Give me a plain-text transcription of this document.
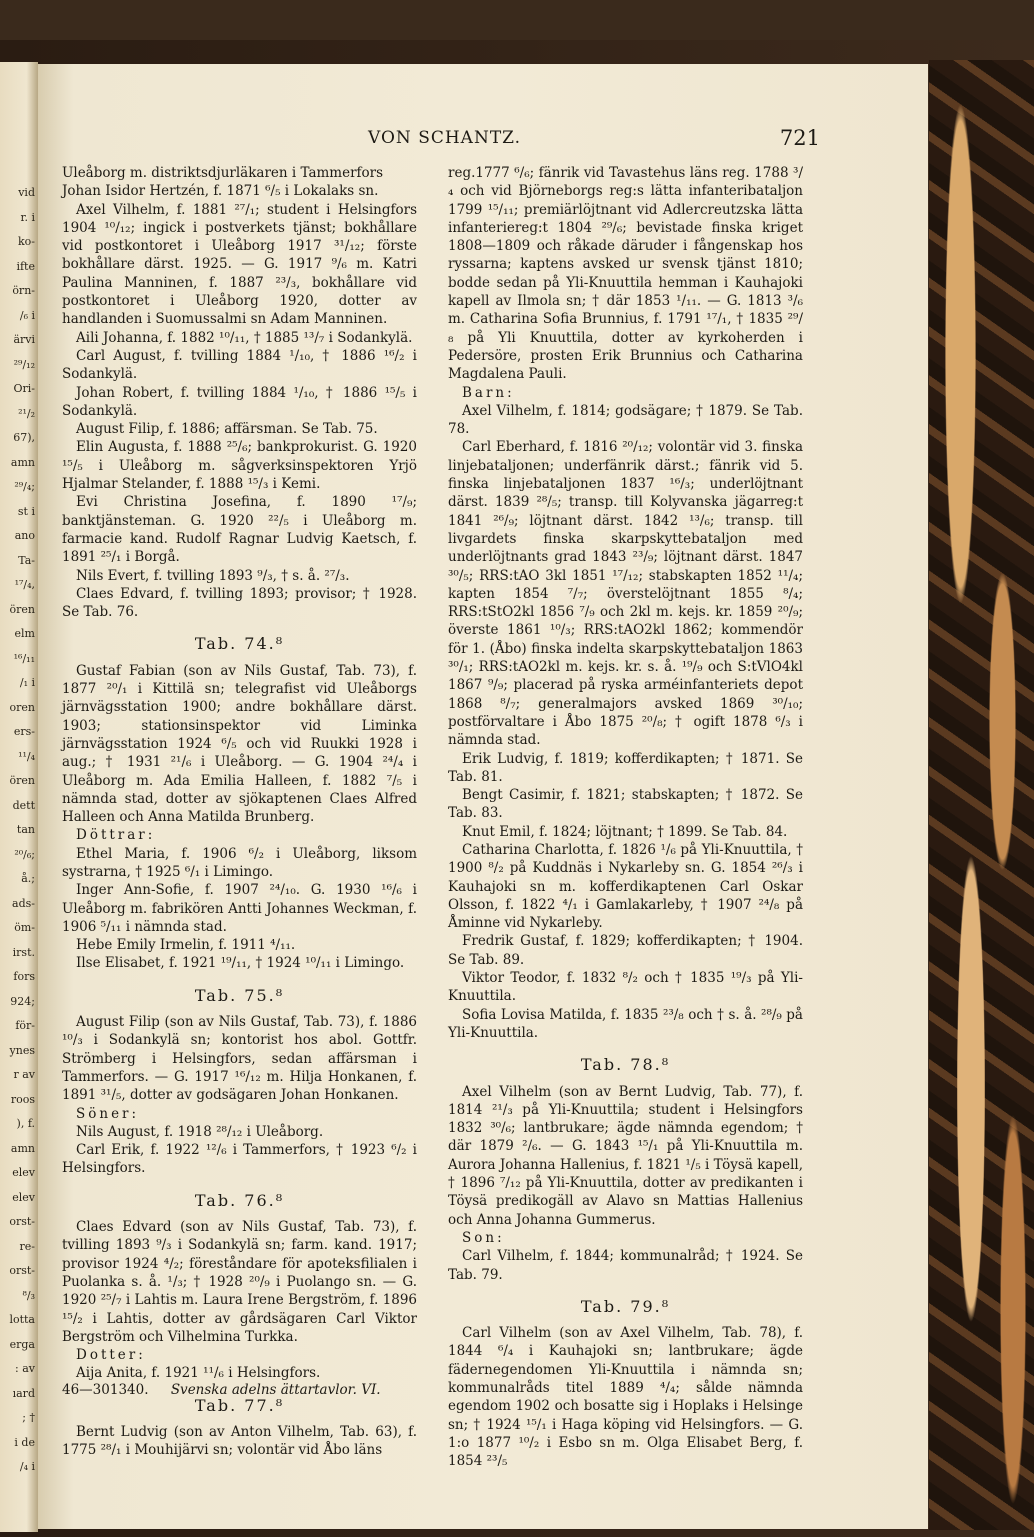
vid
r. i
ko-
ifte
örn-
/₆ i
ärvi
²⁹/₁₂
Ori-
²¹/₂
67),
amn
²⁹/₄;
st i
ano
Ta-
¹⁷/₄,
ören
elm
¹⁶/₁₁
/₁ i
oren
ers-
¹¹/₄
ören
dett
tan
²⁰/₆;
å.;
ads-
öm-
irst.
fors
924;
för-
ynes
r av
roos
), f.
amn
elev
elev
orst-
re-
orst-
⁸/₃
lotta
erga
: av
ıard
; †
i de
/₄ i
VON SCHANTZ.	721

Uleåborg m. distriktsdjurläkaren i Tammerfors

Johan Isidor Hertzén, f. 1871 ⁶/₅ i Lokalaks sn.

Axel Vilhelm, f. 1881 ²⁷/₁; student i Helsingfors 1904 ¹⁰/₁₂; ingick i postverkets tjänst; bokhållare vid postkontoret i Uleåborg 1917 ³¹/₁₂; förste bokhållare därst. 1925. — G. 1917 ⁹/₆ m. Katri Paulina Manninen, f. 1887 ²³/₃, bokhållare vid postkontoret i Uleåborg 1920, dotter av handlanden i Suomussalmi sn Adam Manninen.

Aili Johanna, f. 1882 ¹⁰/₁₁, † 1885 ¹³/₇ i Sodankylä.

Carl August, f. tvilling 1884 ¹/₁₀, † 1886 ¹⁶/₂ i Sodankylä.

Johan Robert, f. tvilling 1884 ¹/₁₀, † 1886 ¹⁵/₅ i Sodankylä.

August Filip, f. 1886; affärsman. Se Tab. 75.

Elin Augusta, f. 1888 ²⁵/₆; bankprokurist. G. 1920 ¹⁵/₅ i Uleåborg m. sågverksinspektoren Yrjö Hjalmar Stelander, f. 1888 ¹⁵/₃ i Kemi.

Evi Christina Josefina, f. 1890 ¹⁷/₉; banktjänsteman. G. 1920 ²²/₅ i Uleåborg m. farmacie kand. Rudolf Ragnar Ludvig Kaetsch, f. 1891 ²⁵/₁ i Borgå.

Nils Evert, f. tvilling 1893 ⁹/₃, † s. å. ²⁷/₃.

Claes Edvard, f. tvilling 1893; provisor; † 1928. Se Tab. 76.

Tab. 74.⁸

Gustaf Fabian (son av Nils Gustaf, Tab. 73), f. 1877 ²⁰/₁ i Kittilä sn; telegrafist vid Uleåborgs järnvägsstation 1900; andre bokhållare därst. 1903; stationsinspektor vid Liminka järnvägsstation 1924 ⁶/₅ och vid Ruukki 1928 i aug.; † 1931 ²¹/₆ i Uleåborg. — G. 1904 ²⁴/₄ i Uleåborg m. Ada Emilia Halleen, f. 1882 ⁷/₅ i nämnda stad, dotter av sjökaptenen Claes Alfred Halleen och Anna Matilda Brunberg.

Döttrar:

Ethel Maria, f. 1906 ⁶/₂ i Uleåborg, liksom systrarna, † 1925 ⁶/₁ i Limingo.

Inger Ann-Sofie, f. 1907 ²⁴/₁₀. G. 1930 ¹⁶/₆ i Uleåborg m. fabrikören Antti Johannes Weckman, f. 1906 ⁵/₁₁ i nämnda stad.

Hebe Emily Irmelin, f. 1911 ⁴/₁₁.

Ilse Elisabet, f. 1921 ¹⁹/₁₁, † 1924 ¹⁰/₁₁ i Limingo.

Tab. 75.⁸

August Filip (son av Nils Gustaf, Tab. 73), f. 1886 ¹⁰/₃ i Sodankylä sn; kontorist hos abol. Gottfr. Strömberg i Helsingfors, sedan affärsman i Tammerfors. — G. 1917 ¹⁶/₁₂ m. Hilja Honkanen, f. 1891 ³¹/₅, dotter av godsägaren Johan Honkanen.

Söner:

Nils August, f. 1918 ²⁸/₁₂ i Uleåborg.

Carl Erik, f. 1922 ¹²/₆ i Tammerfors, † 1923 ⁶/₂ i Helsingfors.

Tab. 76.⁸

Claes Edvard (son av Nils Gustaf, Tab. 73), f. tvilling 1893 ⁹/₃ i Sodankylä sn; farm. kand. 1917; provisor 1924 ⁴/₂; föreståndare för apoteksfilialen i Puolanka s. å. ¹/₃; † 1928 ²⁰/₉ i Puolango sn. — G. 1920 ²⁵/₇ i Lahtis m. Laura Irene Bergström, f. 1896 ¹⁵/₂ i Lahtis, dotter av gårdsägaren Carl Viktor Bergström och Vilhelmina Turkka.

Dotter:

Aija Anita, f. 1921 ¹¹/₆ i Helsingfors.

Tab. 77.⁸

Bernt Ludvig (son av Anton Vilhelm, Tab. 63), f. 1775 ²⁸/₁ i Mouhijärvi sn; volontär vid Åbo läns

reg.1777 ⁶/₆; fänrik vid Tavastehus läns reg. 1788 ³/₄ och vid Björneborgs reg:s lätta infanteribataljon 1799 ¹⁵/₁₁; premiärlöjtnant vid Adlercreutzska lätta infanteriereg:t 1804 ²⁹/₆; bevistade finska kriget 1808—1809 och råkade däruder i fångenskap hos ryssarna; kaptens avsked ur svensk tjänst 1810; bodde sedan på Yli-Knuuttila hemman i Kauhajoki kapell av Ilmola sn; † där 1853 ¹/₁₁. — G. 1813 ³/₆ m. Catharina Sofia Brunnius, f. 1791 ¹⁷/₁, † 1835 ²⁹/₈ på Yli Knuuttila, dotter av kyrkoherden i Pedersöre, prosten Erik Brunnius och Catharina Magdalena Pauli.

Barn:

Axel Vilhelm, f. 1814; godsägare; † 1879. Se Tab. 78.

Carl Eberhard, f. 1816 ²⁰/₁₂; volontär vid 3. finska linjebataljonen; underfänrik därst.; fänrik vid 5. finska linjebataljonen 1837 ¹⁶/₃; underlöjtnant därst. 1839 ²⁸/₅; transp. till Kolyvanska jägarreg:t 1841 ²⁶/₉; löjtnant därst. 1842 ¹³/₆; transp. till livgardets finska skarpskyttebataljon med underlöjtnants grad 1843 ²³/₉; löjtnant därst. 1847 ³⁰/₅; RRS:tAO 3kl 1851 ¹⁷/₁₂; stabskapten 1852 ¹¹/₄; kapten 1854 ⁷/₇; överstelöjtnant 1855 ⁸/₄; RRS:tStO2kl 1856 ⁷/₉ och 2kl m. kejs. kr. 1859 ²⁰/₉; överste 1861 ¹⁰/₃; RRS:tAO2kl 1862; kommendör för 1. (Åbo) finska indelta skarpskyttebataljon 1863 ³⁰/₁; RRS:tAO2kl m. kejs. kr. s. å. ¹⁹/₉ och S:tVlO4kl 1867 ⁹/₉; placerad på ryska arméinfanteriets depot 1868 ⁸/₇; generalmajors avsked 1869 ³⁰/₁₀; postförvaltare i Åbo 1875 ²⁰/₈; † ogift 1878 ⁶/₃ i nämnda stad.

Erik Ludvig, f. 1819; kofferdikapten; † 1871. Se Tab. 81.

Bengt Casimir, f. 1821; stabskapten; † 1872. Se Tab. 83.

Knut Emil, f. 1824; löjtnant; † 1899. Se Tab. 84.

Catharina Charlotta, f. 1826 ¹/₆ på Yli-Knuuttila, † 1900 ⁸/₂ på Kuddnäs i Nykarleby sn. G. 1854 ²⁶/₃ i Kauhajoki sn m. kofferdikaptenen Carl Oskar Olsson, f. 1822 ⁴/₁ i Gamlakarleby, † 1907 ²⁴/₈ på Åminne vid Nykarleby.

Fredrik Gustaf, f. 1829; kofferdikapten; † 1904. Se Tab. 89.

Viktor Teodor, f. 1832 ⁸/₂ och † 1835 ¹⁹/₃ på Yli-Knuuttila.

Sofia Lovisa Matilda, f. 1835 ²³/₈ och † s. å. ²⁸/₉ på Yli-Knuuttila.

Tab. 78.⁸

Axel Vilhelm (son av Bernt Ludvig, Tab. 77), f. 1814 ²¹/₃ på Yli-Knuuttila; student i Helsingfors 1832 ³⁰/₆; lantbrukare; ägde nämnda egendom; † där 1879 ²/₆. — G. 1843 ¹⁵/₁ på Yli-Knuuttila m. Aurora Johanna Hallenius, f. 1821 ¹/₅ i Töysä kapell, † 1896 ⁷/₁₂ på Yli-Knuuttila, dotter av predikanten i Töysä predikogäll av Alavo sn Mattias Hallenius och Anna Johanna Gummerus.

Son:

Carl Vilhelm, f. 1844; kommunalråd; † 1924. Se Tab. 79.

Tab. 79.⁸

Carl Vilhelm (son av Axel Vilhelm, Tab. 78), f. 1844 ⁶/₄ i Kauhajoki sn; lantbrukare; ägde fädernegendomen Yli-Knuuttila i nämnda sn; kommunalråds titel 1889 ⁴/₄; sålde nämnda egendom 1902 och bosatte sig i Hoplaks i Helsinge sn; † 1924 ¹⁵/₁ i Haga köping vid Helsingfors. — G. 1:o 1877 ¹⁰/₂ i Esbo sn m. Olga Elisabet Berg, f. 1854 ²³/₅

46—301340. Svenska adelns ättartavlor. VI.
